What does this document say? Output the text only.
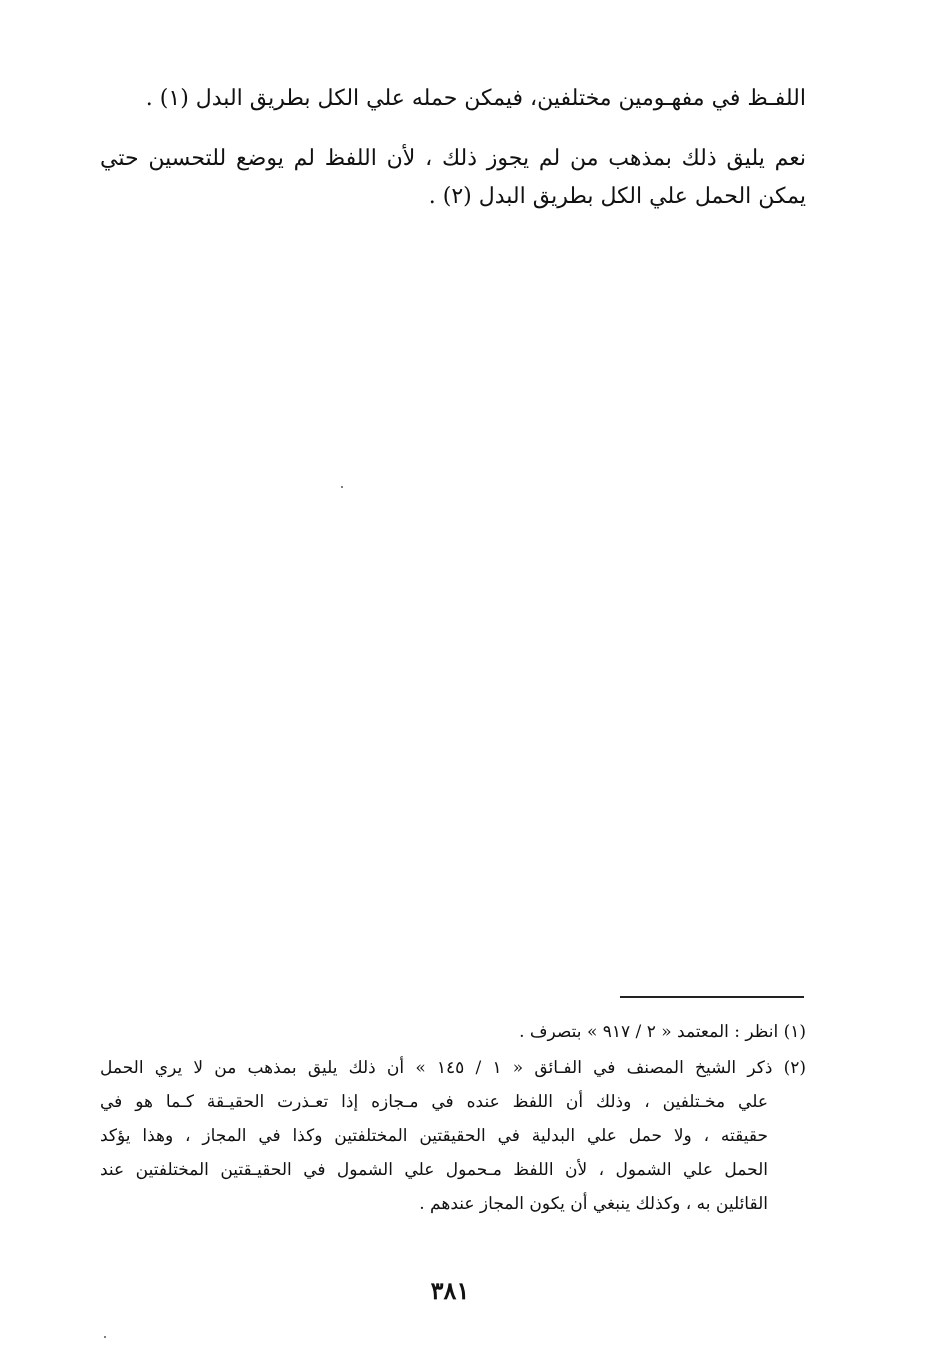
اللفـظ في مفهـومين مختلفين، فيمكن حمله علي الكل بطريق البدل (١) .
نعم يليق ذلك بمذهب من لم يجوز ذلك ، لأن اللفظ لم يوضع للتحسين حتي
يمكن الحمل علي الكل بطريق البدل (٢) .
(١) انظر : المعتمد « ٢ / ٩١٧ » بتصرف .
(٢) ذكر الشيخ المصنف في الفـائق « ١ / ١٤٥ » أن ذلك يليق بمذهب من لا يري الحمل
علي مخـتلفين ، وذلك أن اللفظ عنده في مـجازه إذا تعـذرت الحقيـقة كـما هو في
حقيقته ، ولا حمل علي البدلية في الحقيقتين المختلفتين وكذا في المجاز ، وهذا يؤكد
الحمل علي الشمول ، لأن اللفظ مـحمول علي الشمول في الحقيـقتين المختلفتين عند
القائلين به ، وكذلك ينبغي أن يكون المجاز عندهم .
٣٨١
